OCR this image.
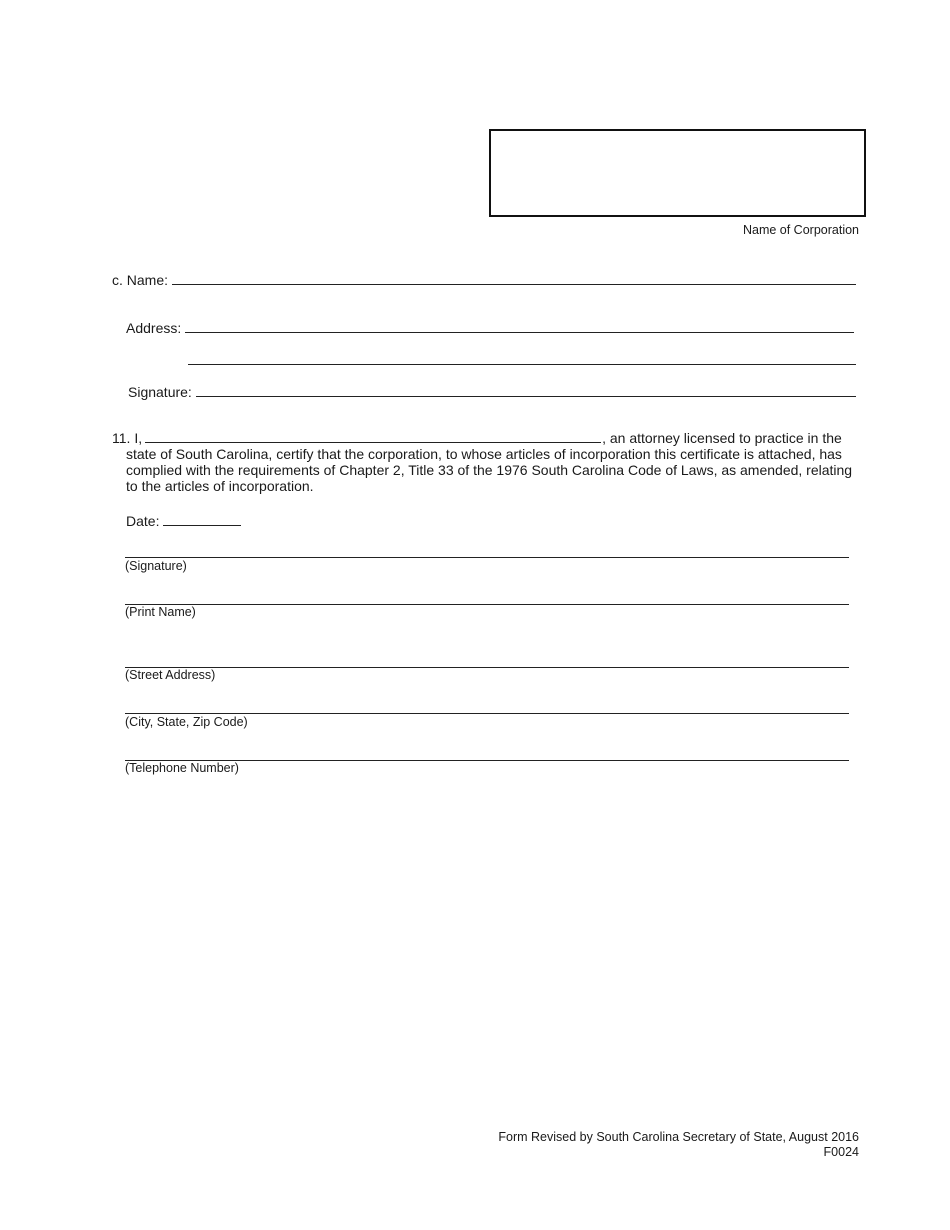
Name of Corporation
c. Name:
Address:
Signature:
11. I,	, an attorney licensed to practice in the
state of South Carolina, certify that the corporation, to whose articles of incorporation this certificate is attached, has complied with the requirements of Chapter 2, Title 33 of the 1976 South Carolina Code of Laws, as amended, relating to the articles of incorporation.
Date:
(Signature)
(Print Name)
(Street Address)
(City, State, Zip Code)
(Telephone Number)
Form Revised by South Carolina Secretary of State, August 2016
F0024
